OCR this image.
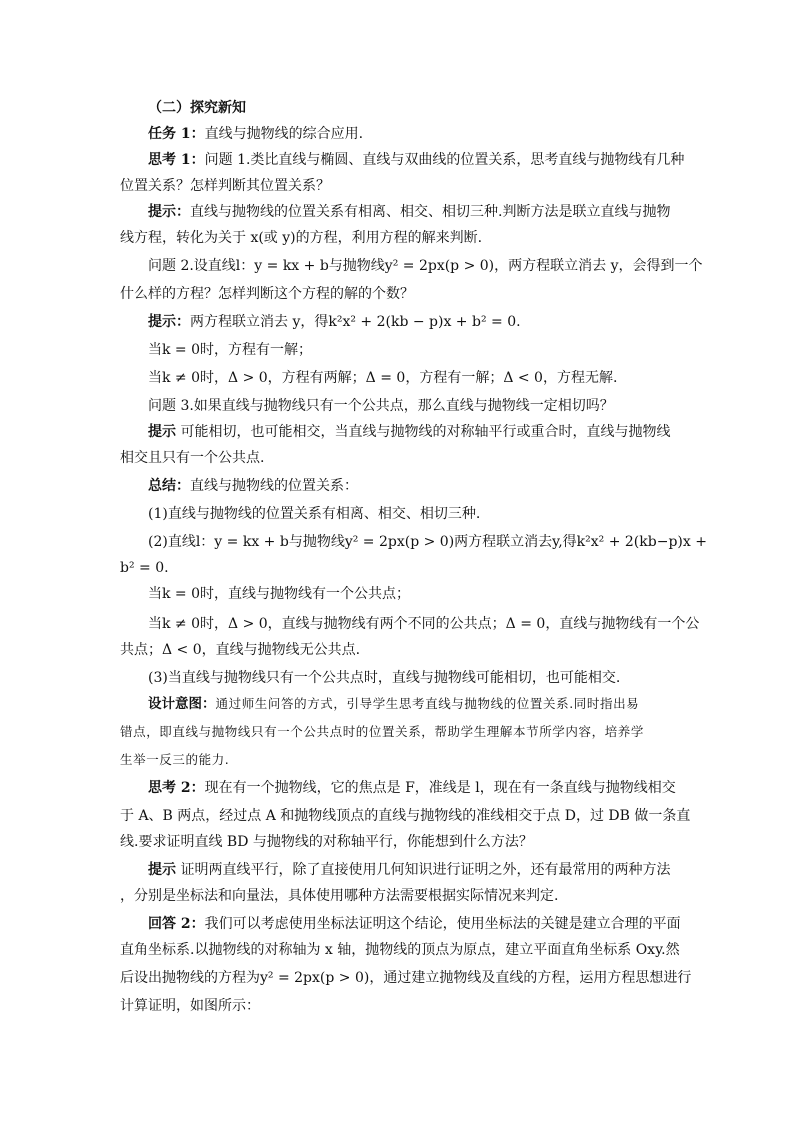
（二）探究新知
任务 1：直线与抛物线的综合应用.
思考 1：问题 1.类比直线与椭圆、直线与双曲线的位置关系，思考直线与抛物线有几种
位置关系？怎样判断其位置关系？
提示：直线与抛物线的位置关系有相离、相交、相切三种.判断方法是联立直线与抛物
线方程，转化为关于 x(或 y)的方程，利用方程的解来判断.
问题 2.设直线l：y = kx + b与抛物线y² = 2px(p > 0)，两方程联立消去 y，会得到一个
什么样的方程？怎样判断这个方程的解的个数？
提示：两方程联立消去 y，得k²x² + 2(kb − p)x + b² = 0.
当k = 0时，方程有一解；
当k ≠ 0时，Δ > 0，方程有两解；Δ = 0，方程有一解；Δ < 0，方程无解.
问题 3.如果直线与抛物线只有一个公共点，那么直线与抛物线一定相切吗？
提示 可能相切，也可能相交，当直线与抛物线的对称轴平行或重合时，直线与抛物线
相交且只有一个公共点.
总结：直线与抛物线的位置关系：
(1)直线与抛物线的位置关系有相离、相交、相切三种.
(2)直线l：y = kx + b与抛物线y² = 2px(p > 0)两方程联立消去y,得k²x² + 2(kb−p)x +
b² = 0.
当k = 0时，直线与抛物线有一个公共点；
当k ≠ 0时，Δ > 0，直线与抛物线有两个不同的公共点；Δ = 0，直线与抛物线有一个公
共点；Δ < 0，直线与抛物线无公共点.
(3)当直线与抛物线只有一个公共点时，直线与抛物线可能相切，也可能相交.
设计意图：通过师生问答的方式，引导学生思考直线与抛物线的位置关系.同时指出易
错点，即直线与抛物线只有一个公共点时的位置关系，帮助学生理解本节所学内容，培养学
生举一反三的能力.
思考 2：现在有一个抛物线，它的焦点是 F，准线是 l，现在有一条直线与抛物线相交
于 A、B 两点，经过点 A 和抛物线顶点的直线与抛物线的准线相交于点 D，过 DB 做一条直
线.要求证明直线 BD 与抛物线的对称轴平行，你能想到什么方法？
提示 证明两直线平行，除了直接使用几何知识进行证明之外，还有最常用的两种方法
，分别是坐标法和向量法，具体使用哪种方法需要根据实际情况来判定.
回答 2：我们可以考虑使用坐标法证明这个结论，使用坐标法的关键是建立合理的平面
直角坐标系.以抛物线的对称轴为 x 轴，抛物线的顶点为原点，建立平面直角坐标系 Oxy.然
后设出抛物线的方程为y² = 2px(p > 0)，通过建立抛物线及直线的方程，运用方程思想进行
计算证明，如图所示：
